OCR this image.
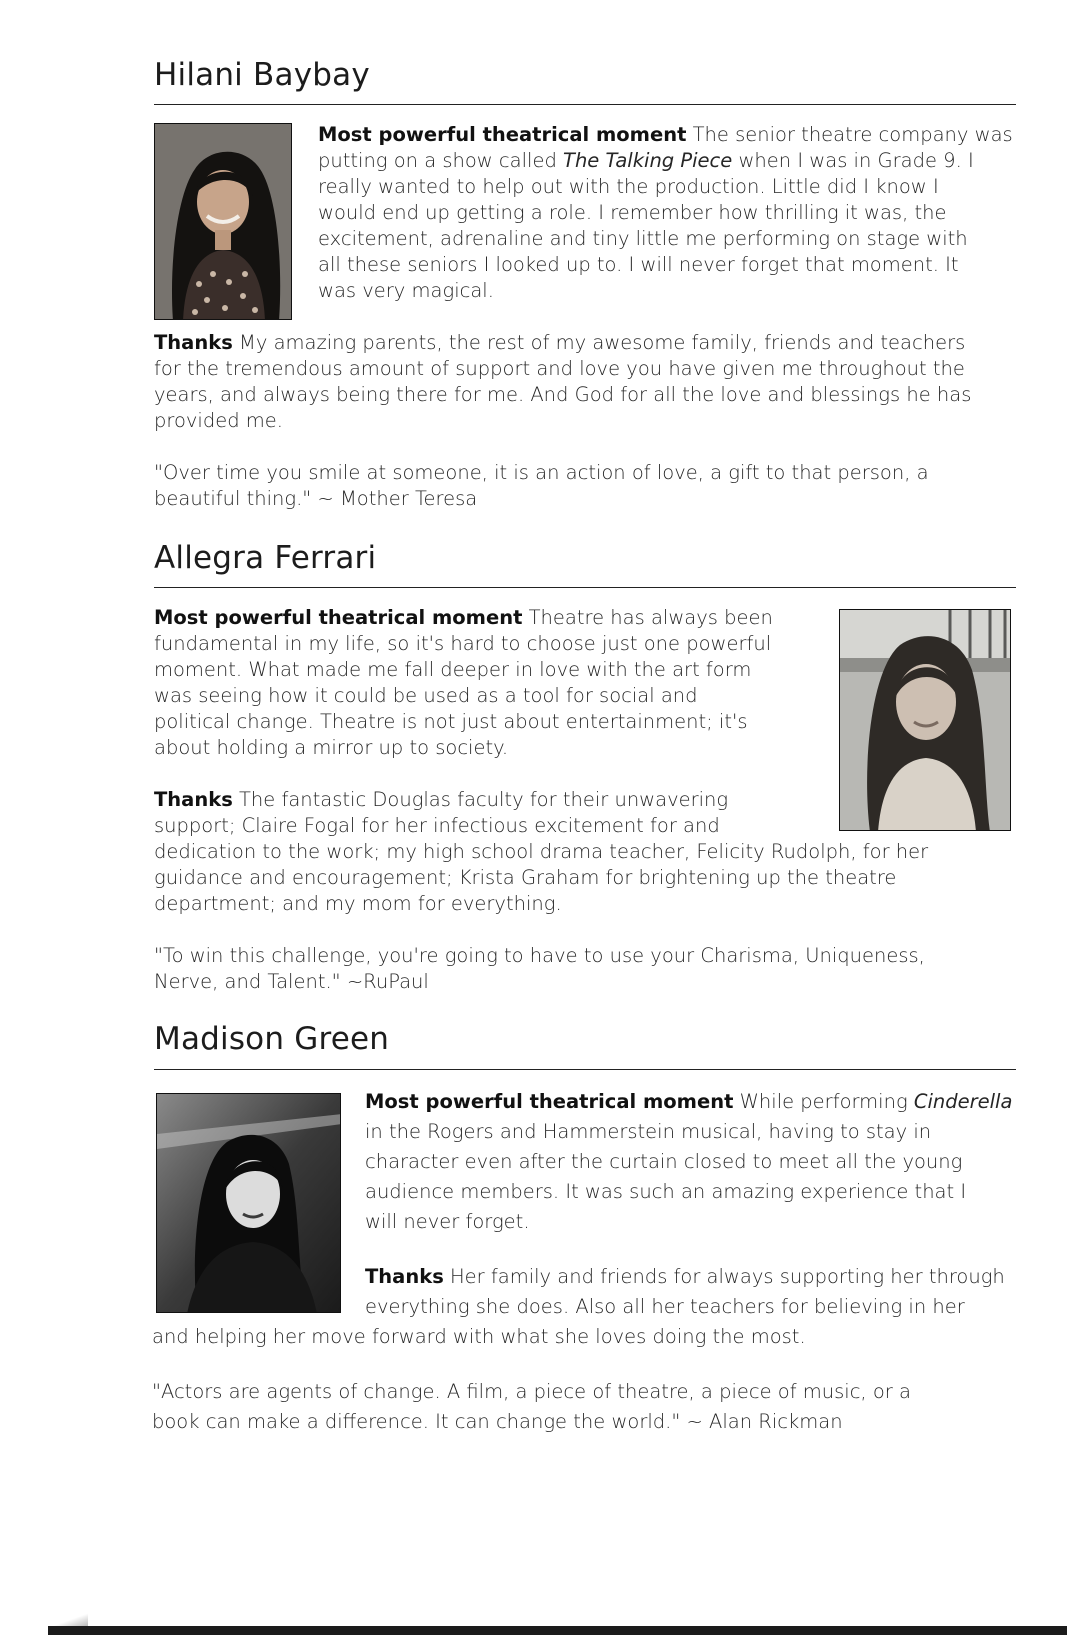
Hilani Baybay

Most powerful theatrical moment The senior theatre company was

putting on a show called The Talking Piece when I was in Grade 9. I

really wanted to help out with the production. Little did I know I

would end up getting a role. I remember how thrilling it was, the

excitement, adrenaline and tiny little me performing on stage with

all these seniors I looked up to. I will never forget that moment. It

was very magical.

Thanks My amazing parents, the rest of my awesome family, friends and teachers

for the tremendous amount of support and love you have given me throughout the

years, and always being there for me. And God for all the love and blessings he has

provided me.

"Over time you smile at someone, it is an action of love, a gift to that person, a

beautiful thing." ~ Mother Teresa

Allegra Ferrari

Most powerful theatrical moment Theatre has always been

fundamental in my life, so it's hard to choose just one powerful

moment. What made me fall deeper in love with the art form

was seeing how it could be used as a tool for social and

political change. Theatre is not just about entertainment; it's

about holding a mirror up to society.

Thanks The fantastic Douglas faculty for their unwavering

support; Claire Fogal for her infectious excitement for and

dedication to the work; my high school drama teacher, Felicity Rudolph, for her

guidance and encouragement; Krista Graham for brightening up the theatre

department; and my mom for everything.

"To win this challenge, you're going to have to use your Charisma, Uniqueness,

Nerve, and Talent." ~RuPaul

Madison Green

Most powerful theatrical moment While performing Cinderella

in the Rogers and Hammerstein musical, having to stay in

character even after the curtain closed to meet all the young

audience members. It was such an amazing experience that I

will never forget.

Thanks Her family and friends for always supporting her through

everything she does. Also all her teachers for believing in her

and helping her move forward with what she loves doing the most.

"Actors are agents of change. A film, a piece of theatre, a piece of music, or a

book can make a difference. It can change the world." ~ Alan Rickman
